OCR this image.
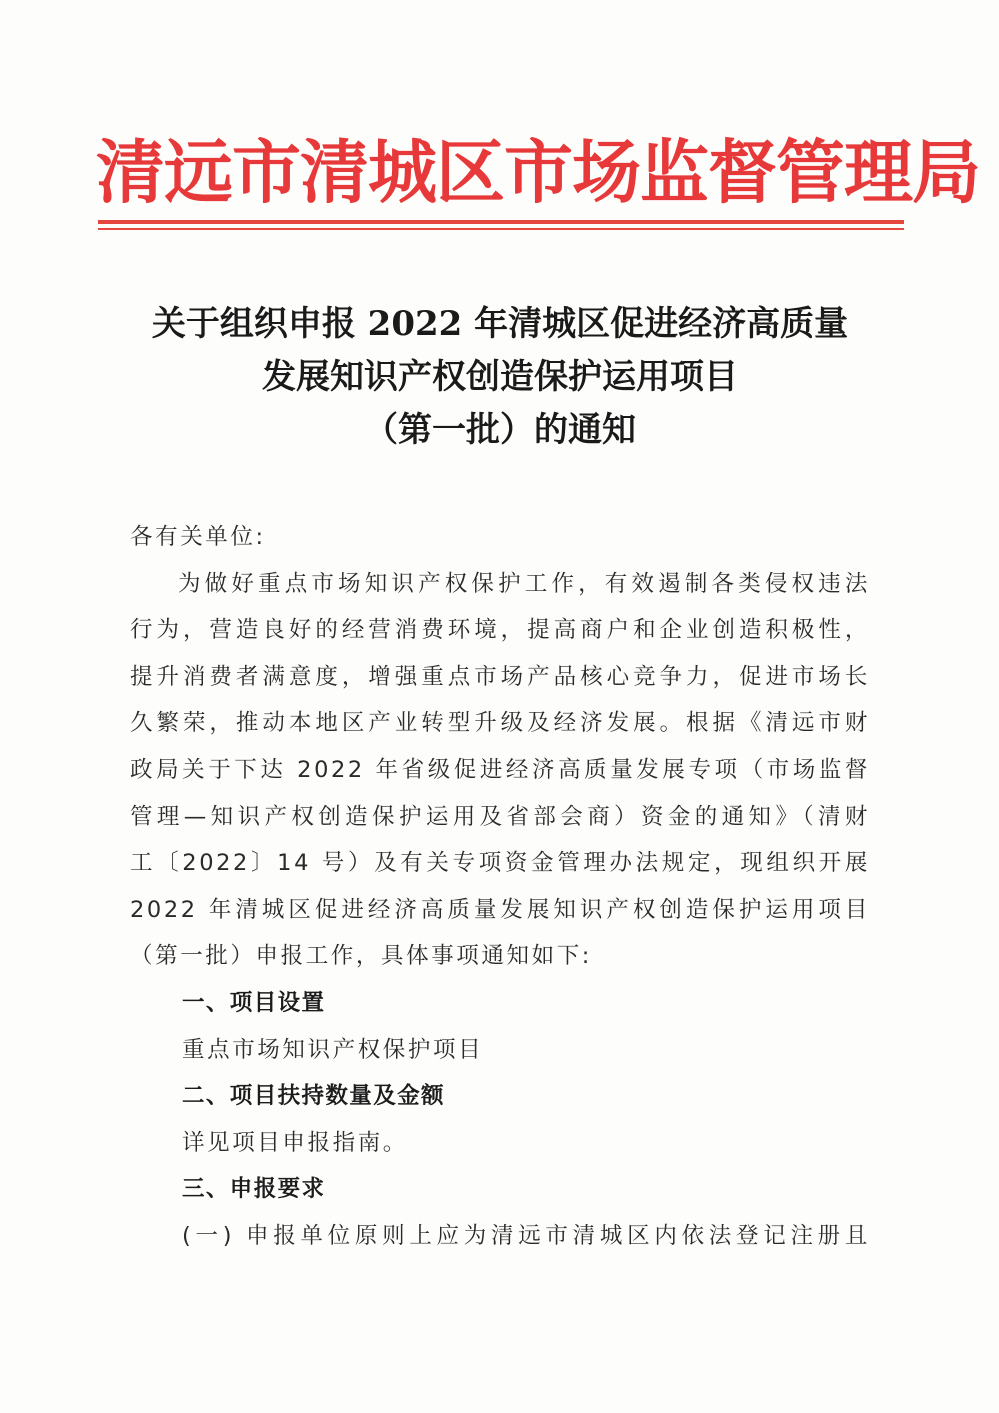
清远市清城区市场监督管理局
关于组织申报 2022 年清城区促进经济高质量
发展知识产权创造保护运用项目
（第一批）的通知
各有关单位:
为做好重点市场知识产权保护工作，有效遏制各类侵权违法
行为，营造良好的经营消费环境，提高商户和企业创造积极性，
提升消费者满意度，增强重点市场产品核心竞争力，促进市场长
久繁荣，推动本地区产业转型升级及经济发展。根据《清远市财
政局关于下达 2022 年省级促进经济高质量发展专项（市场监督
管理—知识产权创造保护运用及省部会商）资金的通知》（清财
工〔2022〕14 号）及有关专项资金管理办法规定，现组织开展
2022 年清城区促进经济高质量发展知识产权创造保护运用项目
（第一批）申报工作，具体事项通知如下:
一、项目设置
重点市场知识产权保护项目
二、项目扶持数量及金额
详见项目申报指南。
三、申报要求
(一) 申报单位原则上应为清远市清城区内依法登记注册且
